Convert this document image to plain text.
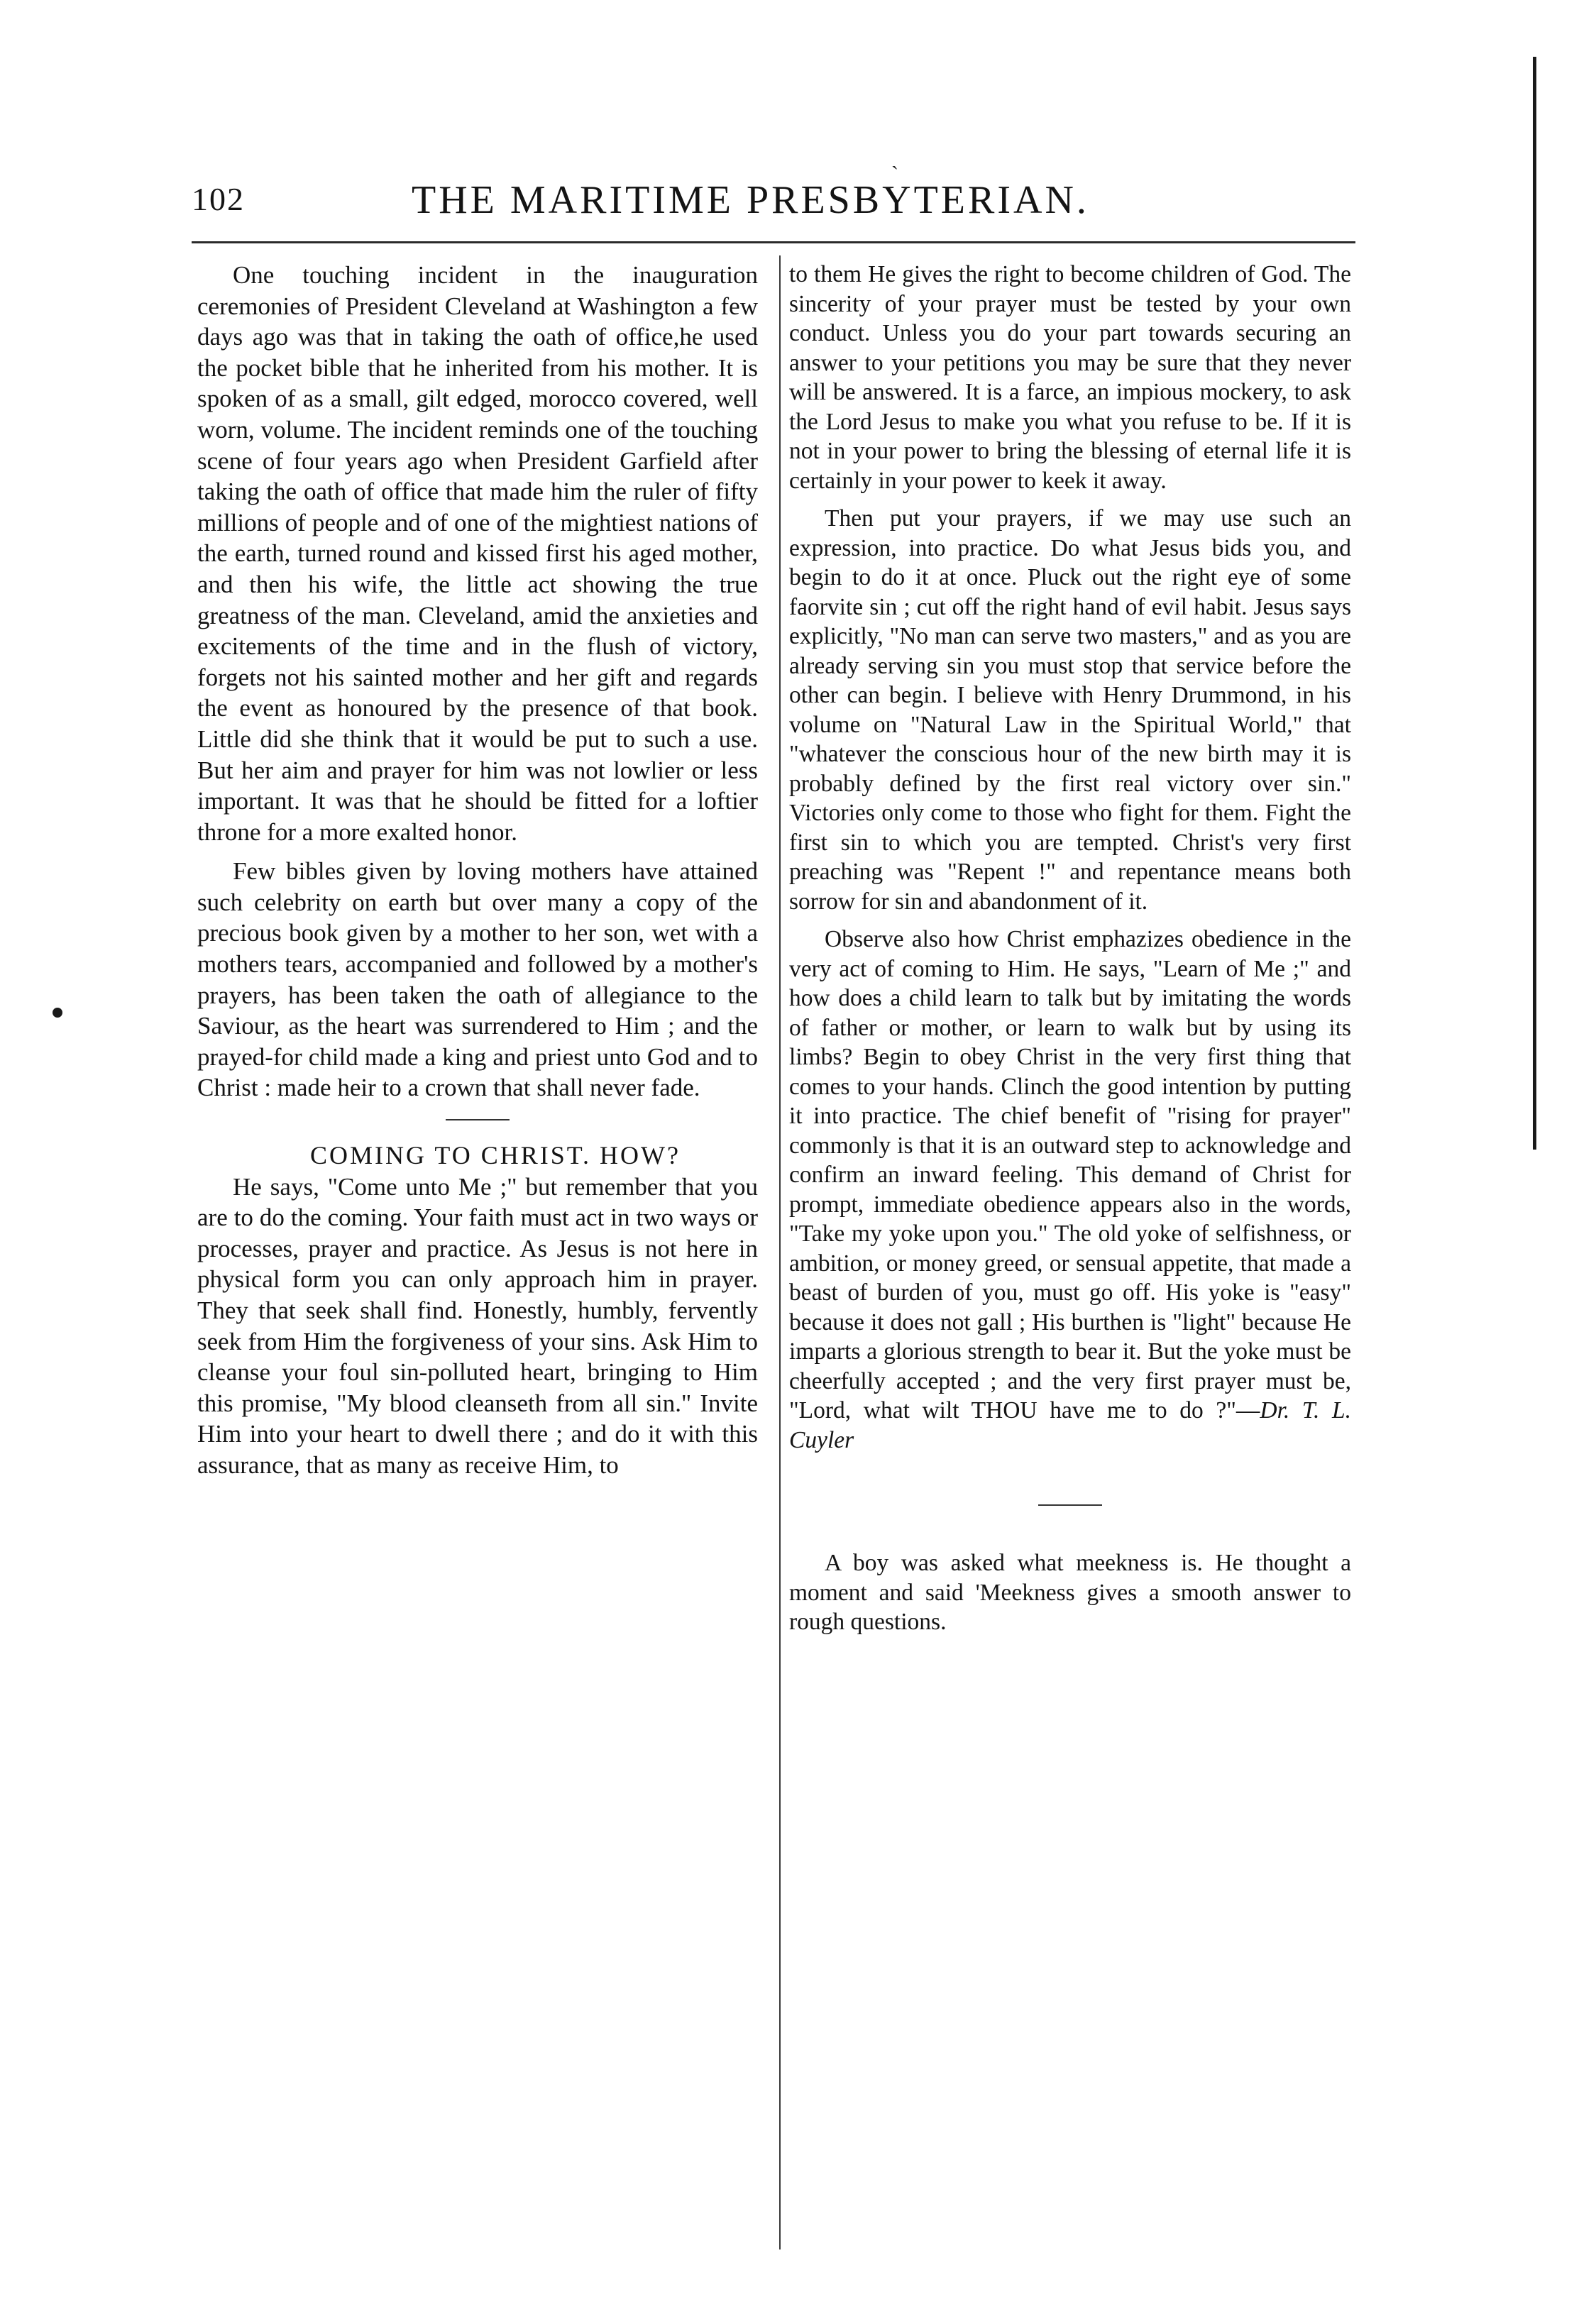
ˎ
102	THE MARITIME PRESBYTERIAN.

One touching incident in the inauguration ceremonies of President Cleveland at Washington a few days ago was that in taking the oath of office,he used the pocket bible that he inherited from his mother. It is spoken of as a small, gilt edged, morocco covered, well worn, volume. The incident reminds one of the touching scene of four years ago when President Garfield after taking the oath of office that made him the ruler of fifty millions of people and of one of the mightiest nations of the earth, turned round and kissed first his aged mother, and then his wife, the little act showing the true greatness of the man. Cleveland, amid the anxieties and excitements of the time and in the flush of victory, forgets not his sainted mother and her gift and regards the event as honoured by the presence of that book. Little did she think that it would be put to such a use. But her aim and prayer for him was not lowlier or less important. It was that he should be fitted for a loftier throne for a more exalted honor.

Few bibles given by loving mothers have attained such celebrity on earth but over many a copy of the precious book given by a mother to her son, wet with a mothers tears, accompanied and followed by a mother's prayers, has been taken the oath of allegiance to the Saviour, as the heart was surrendered to Him ; and the prayed-for child made a king and priest unto God and to Christ : made heir to a crown that shall never fade.

COMING TO CHRIST. HOW?

He says, "Come unto Me ;" but remember that you are to do the coming. Your faith must act in two ways or processes, prayer and practice. As Jesus is not here in physical form you can only approach him in prayer. They that seek shall find. Honestly, humbly, fervently seek from Him the forgiveness of your sins. Ask Him to cleanse your foul sin-polluted heart, bringing to Him this promise, "My blood cleanseth from all sin." Invite Him into your heart to dwell there ; and do it with this assurance, that as many as receive Him, to

to them He gives the right to become children of God. The sincerity of your prayer must be tested by your own conduct. Unless you do your part towards securing an answer to your petitions you may be sure that they never will be answered. It is a farce, an impious mockery, to ask the Lord Jesus to make you what you refuse to be. If it is not in your power to bring the blessing of eternal life it is certainly in your power to keek it away.

Then put your prayers, if we may use such an expression, into practice. Do what Jesus bids you, and begin to do it at once. Pluck out the right eye of some faorvite sin ; cut off the right hand of evil habit. Jesus says explicitly, "No man can serve two masters," and as you are already serving sin you must stop that service before the other can begin. I believe with Henry Drummond, in his volume on "Natural Law in the Spiritual World," that "whatever the conscious hour of the new birth may it is probably defined by the first real victory over sin." Victories only come to those who fight for them. Fight the first sin to which you are tempted. Christ's very first preaching was "Repent !" and repentance means both sorrow for sin and abandonment of it.

Observe also how Christ emphazizes obedience in the very act of coming to Him. He says, "Learn of Me ;" and how does a child learn to talk but by imitating the words of father or mother, or learn to walk but by using its limbs? Begin to obey Christ in the very first thing that comes to your hands. Clinch the good intention by putting it into practice. The chief benefit of "rising for prayer" commonly is that it is an outward step to acknowledge and confirm an inward feeling. This demand of Christ for prompt, immediate obedience appears also in the words, "Take my yoke upon you." The old yoke of selfishness, or ambition, or money greed, or sensual appetite, that made a beast of burden of you, must go off. His yoke is "easy" because it does not gall ; His burthen is "light" because He imparts a glorious strength to bear it. But the yoke must be cheerfully accepted ; and the very first prayer must be, "Lord, what wilt THOU have me to do ?"—Dr. T. L. Cuyler

A boy was asked what meekness is. He thought a moment and said 'Meekness gives a smooth answer to rough questions.
